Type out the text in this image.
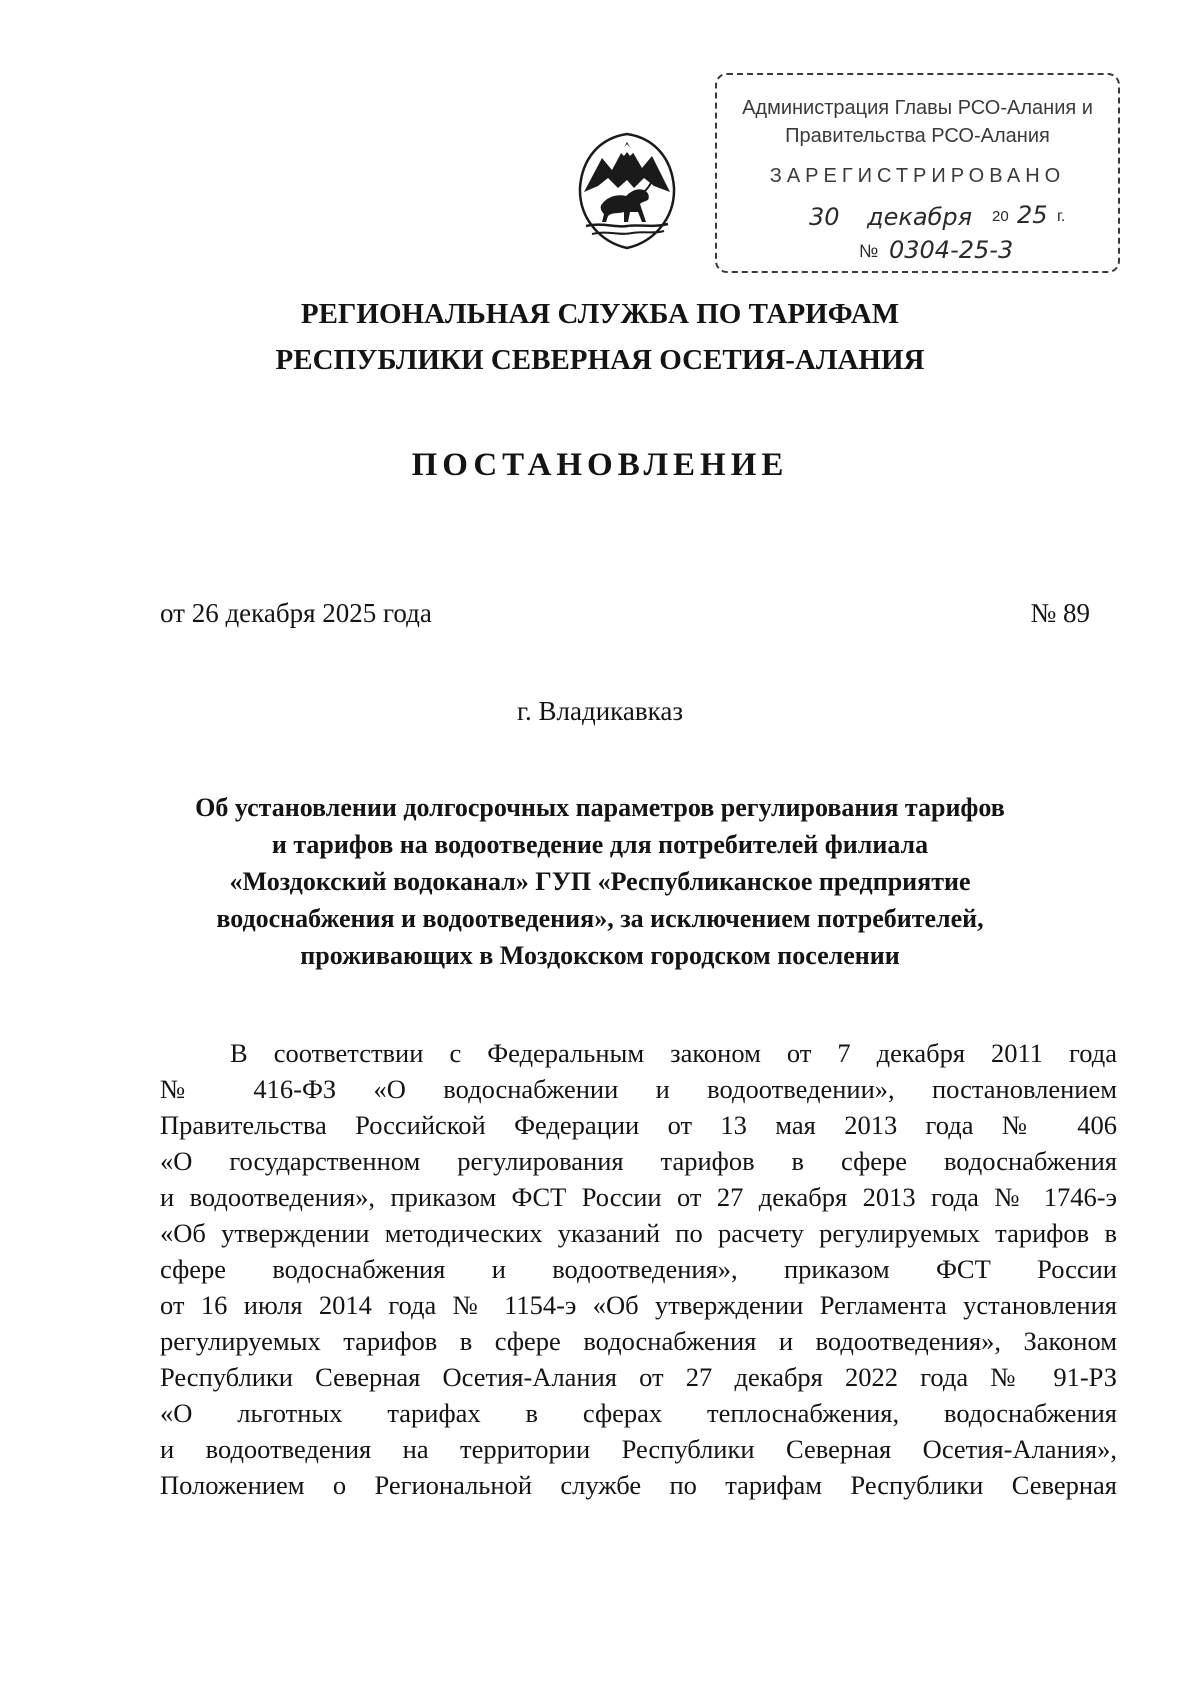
Администрация Главы РСО-Алания и
Правительства РСО-Алания
ЗАРЕГИСТРИРОВАНО
30 декабря 20 25 г.
№ 0304-25-3
РЕГИОНАЛЬНАЯ СЛУЖБА ПО ТАРИФАМ
РЕСПУБЛИКИ СЕВЕРНАЯ ОСЕТИЯ-АЛАНИЯ
ПОСТАНОВЛЕНИЕ
от 26 декабря 2025 года	№ 89
г. Владикавказ
Об установлении долгосрочных параметров регулирования тарифов
и тарифов на водоотведение для потребителей филиала
«Моздокский водоканал» ГУП «Республиканское предприятие
водоснабжения и водоотведения», за исключением потребителей,
проживающих в Моздокском городском поселении
В соответствии с Федеральным законом от 7 декабря 2011 года
№ 416-ФЗ «О водоснабжении и водоотведении», постановлением
Правительства Российской Федерации от 13 мая 2013 года № 406
«О государственном регулирования тарифов в сфере водоснабжения
и водоотведения», приказом ФСТ России от 27 декабря 2013 года № 1746-э
«Об утверждении методических указаний по расчету регулируемых тарифов в
сфере водоснабжения и водоотведения», приказом ФСТ России
от 16 июля 2014 года № 1154-э «Об утверждении Регламента установления
регулируемых тарифов в сфере водоснабжения и водоотведения», Законом
Республики Северная Осетия-Алания от 27 декабря 2022 года № 91-РЗ
«О льготных тарифах в сферах теплоснабжения, водоснабжения
и водоотведения на территории Республики Северная Осетия-Алания»,
Положением о Региональной службе по тарифам Республики Северная
